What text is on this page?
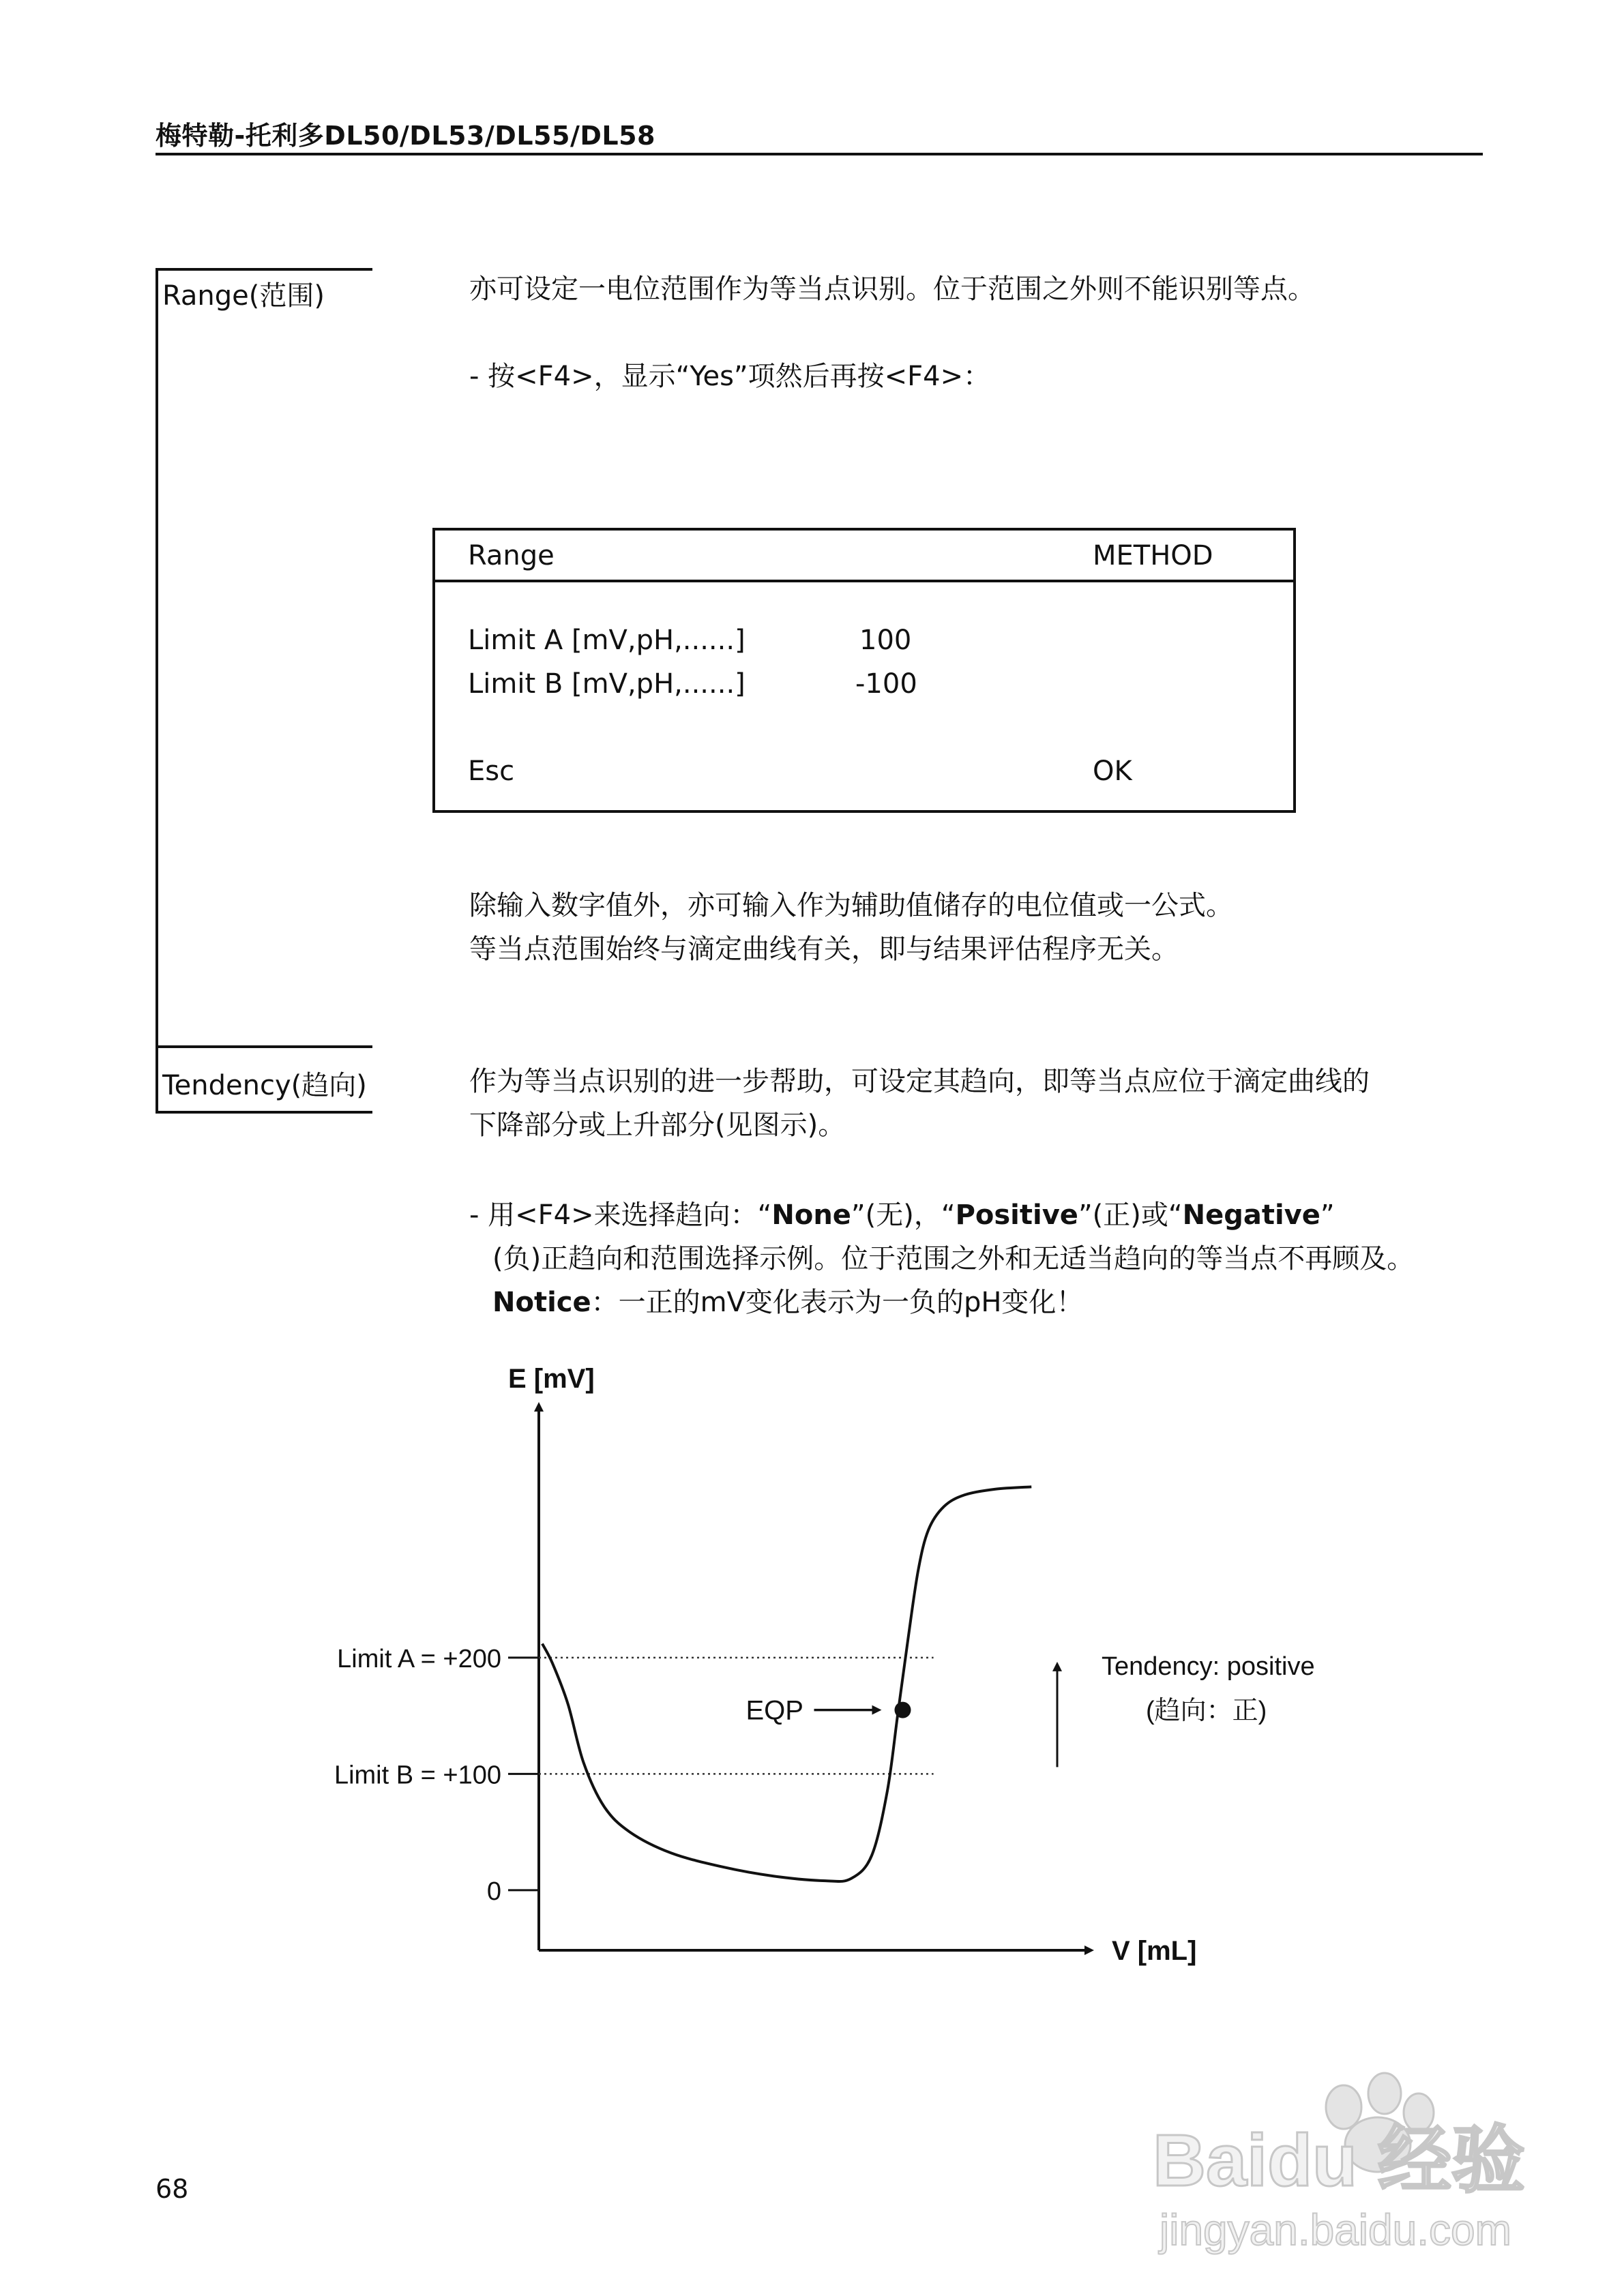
梅特勒-托利多DL50/DL53/DL55/DL58
Range(范围)
Tendency(趋向)
亦可设定一电位范围作为等当点识别。位于范围之外则不能识别等点。
- 按<F4>，显示“Yes”项然后再按<F4>：
Range	METHOD
Limit A [mV,pH,......]	100
Limit B [mV,pH,......]	-100
Esc	OK
除输入数字值外，亦可输入作为辅助值储存的电位值或一公式。
等当点范围始终与滴定曲线有关，即与结果评估程序无关。
作为等当点识别的进一步帮助，可设定其趋向，即等当点应位于滴定曲线的
下降部分或上升部分(见图示)。
- 用<F4>来选择趋向：“None”(无)，“Positive”(正)或“Negative”
(负)正趋向和范围选择示例。位于范围之外和无适当趋向的等当点不再顾及。
Notice：一正的mV变化表示为一负的pH变化！
E [mV]
V [mL]
Limit A = +200
Limit B = +100
0
EQP
Tendency: positive
(趋向：正)
68	Baidu 经验
jingyan.baidu.com
